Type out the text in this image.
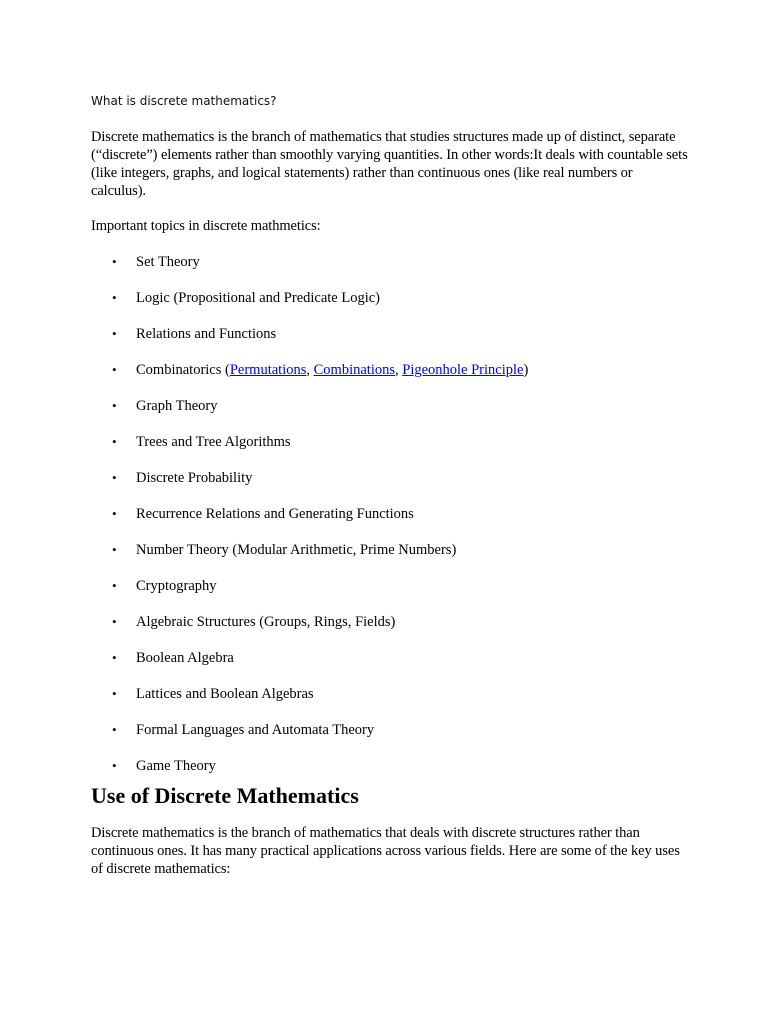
What is discrete mathematics?

Discrete mathematics is the branch of mathematics that studies structures made up of distinct, separate (“discrete”) elements rather than smoothly varying quantities. In other words:It deals with countable sets (like integers, graphs, and logical statements) rather than continuous ones (like real numbers or calculus).

Important topics in discrete mathmetics:

• Set Theory
• Logic (Propositional and Predicate Logic)
• Relations and Functions
• Combinatorics (Permutations, Combinations, Pigeonhole Principle)
• Graph Theory
• Trees and Tree Algorithms
• Discrete Probability
• Recurrence Relations and Generating Functions
• Number Theory (Modular Arithmetic, Prime Numbers)
• Cryptography
• Algebraic Structures (Groups, Rings, Fields)
• Boolean Algebra
• Lattices and Boolean Algebras
• Formal Languages and Automata Theory
• Game Theory
Use of Discrete Mathematics

Discrete mathematics is the branch of mathematics that deals with discrete structures rather than continuous ones. It has many practical applications across various fields. Here are some of the key uses of discrete mathematics:
